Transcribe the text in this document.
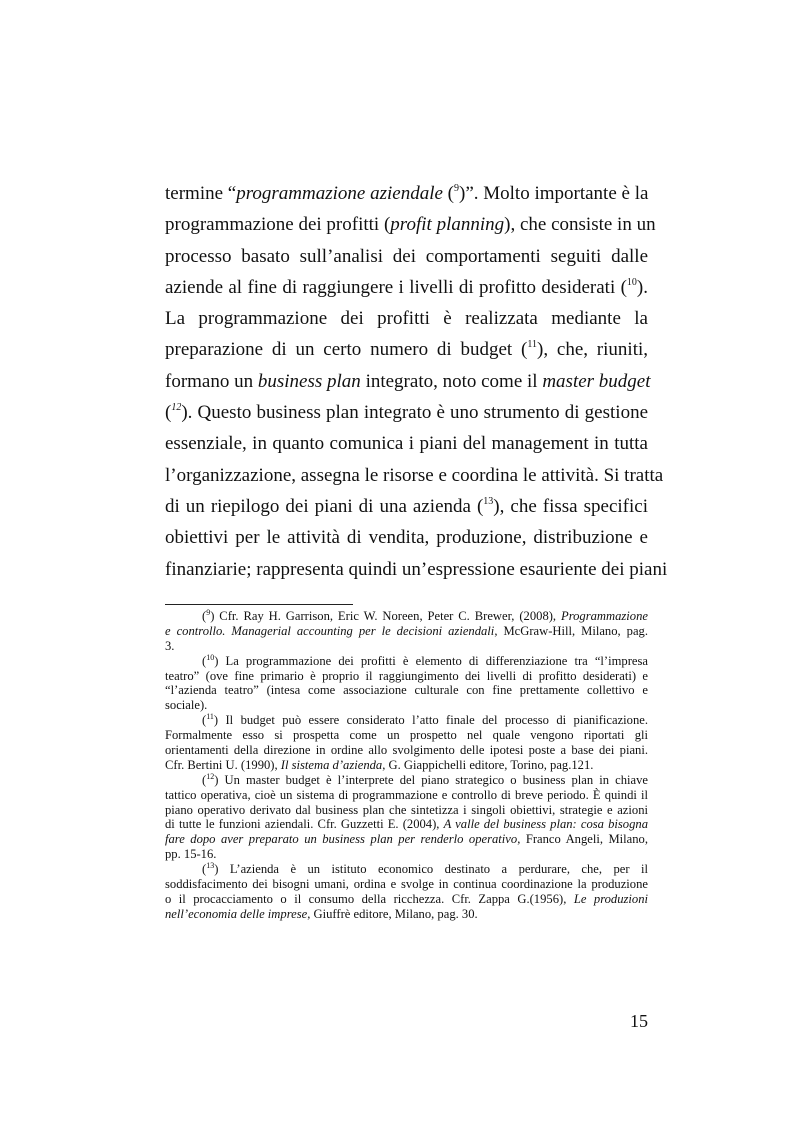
termine “programmazione aziendale ($^9$)”. Molto importante è la
programmazione dei profitti (profit planning), che consiste in un
processo basato sull’analisi dei comportamenti seguiti dalle
aziende al fine di raggiungere i livelli di profitto desiderati ($^{10}$).
La programmazione dei profitti è realizzata mediante la
preparazione di un certo numero di budget ($^{11}$), che, riuniti,
formano un business plan integrato, noto come il master budget
($^{12}$). Questo business plan integrato è uno strumento di gestione
essenziale, in quanto comunica i piani del management in tutta
l’organizzazione, assegna le risorse e coordina le attività. Si tratta
di un riepilogo dei piani di una azienda ($^{13}$), che fissa specifici
obiettivi per le attività di vendita, produzione, distribuzione e
finanziarie; rappresenta quindi un’espressione esauriente dei piani
($^9$) Cfr. Ray H. Garrison, Eric W. Noreen, Peter C. Brewer, (2008), Programmazione
e controllo. Managerial accounting per le decisioni aziendali, McGraw-Hill, Milano, pag.
3.
($^{10}$) La programmazione dei profitti è elemento di differenziazione tra “l’impresa
teatro” (ove fine primario è proprio il raggiungimento dei livelli di profitto desiderati) e
“l’azienda teatro” (intesa come associazione culturale con fine prettamente collettivo e
sociale).
($^{11}$) Il budget può essere considerato l’atto finale del processo di pianificazione.
Formalmente esso si prospetta come un prospetto nel quale vengono riportati gli
orientamenti della direzione in ordine allo svolgimento delle ipotesi poste a base dei piani.
Cfr. Bertini U. (1990), Il sistema d’azienda, G. Giappichelli editore, Torino, pag.121.
($^{12}$) Un master budget è l’interprete del piano strategico o business plan in chiave
tattico operativa, cioè un sistema di programmazione e controllo di breve periodo. È quindi il
piano operativo derivato dal business plan che sintetizza i singoli obiettivi, strategie e azioni
di tutte le funzioni aziendali. Cfr. Guzzetti E. (2004), A valle del business plan: cosa bisogna
fare dopo aver preparato un business plan per renderlo operativo, Franco Angeli, Milano,
pp. 15-16.
($^{13}$) L’azienda è un istituto economico destinato a perdurare, che, per il
soddisfacimento dei bisogni umani, ordina e svolge in continua coordinazione la produzione
o il procacciamento o il consumo della ricchezza. Cfr. Zappa G.(1956), Le produzioni
nell’economia delle imprese, Giuffrè editore, Milano, pag. 30.
15
